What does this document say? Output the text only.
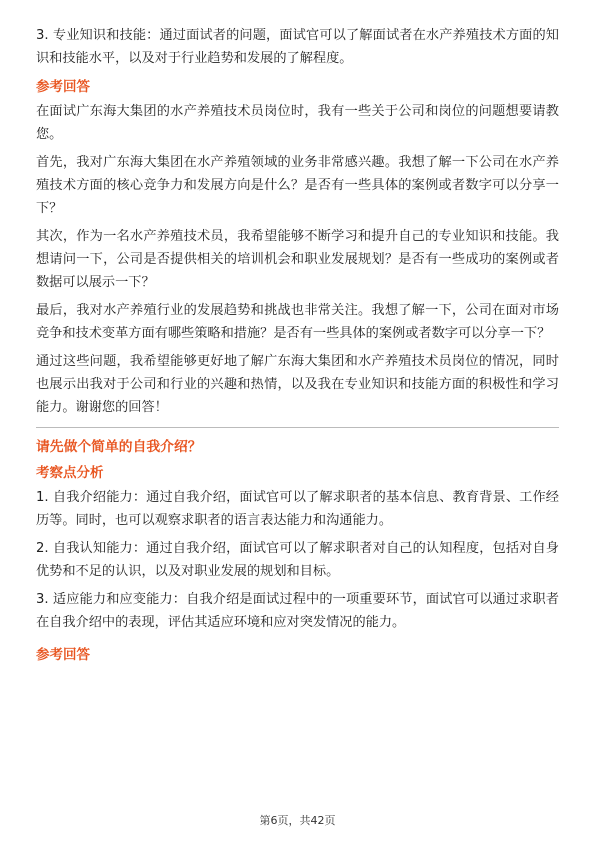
3. 专业知识和技能：通过面试者的问题，面试官可以了解面试者在水产养殖技术方面的知识和技能水平，以及对于行业趋势和发展的了解程度。

参考回答

在面试广东海大集团的水产养殖技术员岗位时，我有一些关于公司和岗位的问题想要请教您。

首先，我对广东海大集团在水产养殖领域的业务非常感兴趣。我想了解一下公司在水产养殖技术方面的核心竞争力和发展方向是什么？是否有一些具体的案例或者数字可以分享一下？

其次，作为一名水产养殖技术员，我希望能够不断学习和提升自己的专业知识和技能。我想请问一下，公司是否提供相关的培训机会和职业发展规划？是否有一些成功的案例或者数据可以展示一下？

最后，我对水产养殖行业的发展趋势和挑战也非常关注。我想了解一下，公司在面对市场竞争和技术变革方面有哪些策略和措施？是否有一些具体的案例或者数字可以分享一下？

通过这些问题，我希望能够更好地了解广东海大集团和水产养殖技术员岗位的情况，同时也展示出我对于公司和行业的兴趣和热情，以及我在专业知识和技能方面的积极性和学习能力。谢谢您的回答！

请先做个简单的自我介绍？
考察点分析

1. 自我介绍能力：通过自我介绍，面试官可以了解求职者的基本信息、教育背景、工作经历等。同时，也可以观察求职者的语言表达能力和沟通能力。

2. 自我认知能力：通过自我介绍，面试官可以了解求职者对自己的认知程度，包括对自身优势和不足的认识，以及对职业发展的规划和目标。

3. 适应能力和应变能力：自我介绍是面试过程中的一项重要环节，面试官可以通过求职者在自我介绍中的表现，评估其适应环境和应对突发情况的能力。

参考回答
第6页，共42页
